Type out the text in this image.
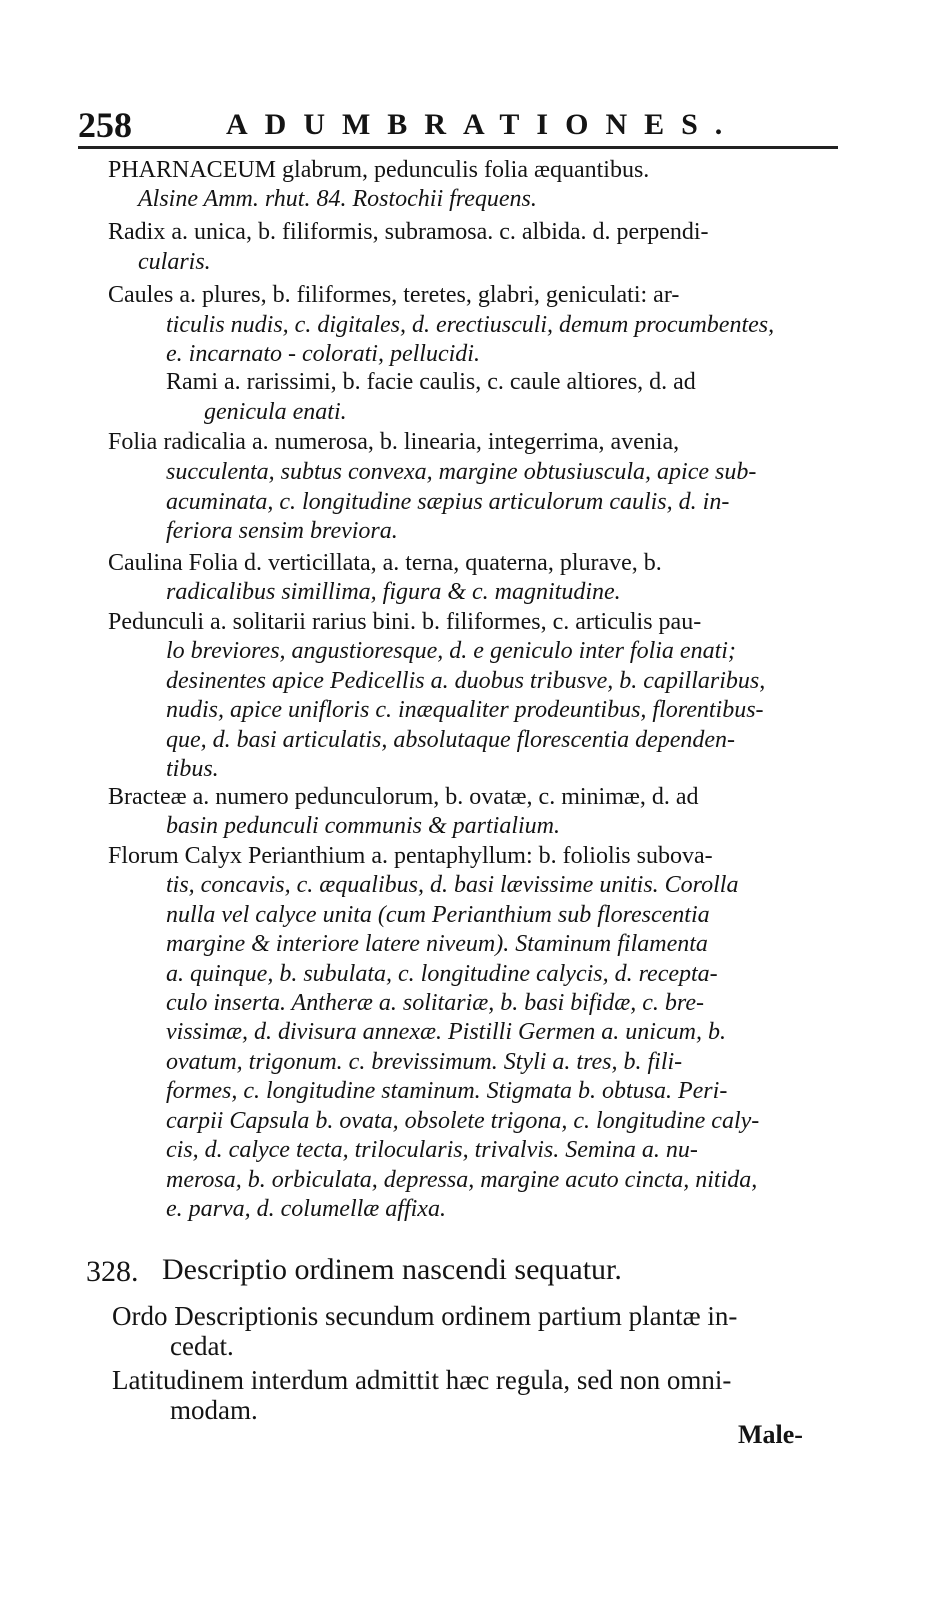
258	ADUMBRATIONES.
PHARNACEUM glabrum, pedunculis folia æquantibus.
Alsine Amm. rhut. 84. Rostochii frequens.
Radix a. unica, b. filiformis, subramosa. c. albida. d. perpendi-
cularis.
Caules a. plures, b. filiformes, teretes, glabri, geniculati: ar-
ticulis nudis, c. digitales, d. erectiusculi, demum procumbentes,
e. incarnato - colorati, pellucidi.
Rami a. rarissimi, b. facie caulis, c. caule altiores, d. ad
genicula enati.
Folia radicalia a. numerosa, b. linearia, integerrima, avenia,
succulenta, subtus convexa, margine obtusiuscula, apice sub-
acuminata, c. longitudine sæpius articulorum caulis, d. in-
feriora sensim breviora.
Caulina Folia d. verticillata, a. terna, quaterna, plurave, b.
radicalibus simillima, figura & c. magnitudine.
Pedunculi a. solitarii rarius bini. b. filiformes, c. articulis pau-
lo breviores, angustioresque, d. e geniculo inter folia enati;
desinentes apice Pedicellis a. duobus tribusve, b. capillaribus,
nudis, apice unifloris c. inæqualiter prodeuntibus, florentibus-
que, d. basi articulatis, absolutaque florescentia dependen-
tibus.
Bracteæ a. numero pedunculorum, b. ovatæ, c. minimæ, d. ad
basin pedunculi communis & partialium.
Florum Calyx Perianthium a. pentaphyllum: b. foliolis subova-
tis, concavis, c. æqualibus, d. basi lævissime unitis. Corolla
nulla vel calyce unita (cum Perianthium sub florescentia
margine & interiore latere niveum). Staminum filamenta
a. quinque, b. subulata, c. longitudine calycis, d. recepta-
culo inserta. Antheræ a. solitariæ, b. basi bifidæ, c. bre-
vissimæ, d. divisura annexæ. Pistilli Germen a. unicum, b.
ovatum, trigonum. c. brevissimum. Styli a. tres, b. fili-
formes, c. longitudine staminum. Stigmata b. obtusa. Peri-
carpii Capsula b. ovata, obsolete trigona, c. longitudine caly-
cis, d. calyce tecta, trilocularis, trivalvis. Semina a. nu-
merosa, b. orbiculata, depressa, margine acuto cincta, nitida,
e. parva, d. columellæ affixa.
328. Descriptio ordinem nascendi sequatur.
Ordo Descriptionis secundum ordinem partium plantæ in-
cedat.
Latitudinem interdum admittit hæc regula, sed non omni-
modam.
Male-
